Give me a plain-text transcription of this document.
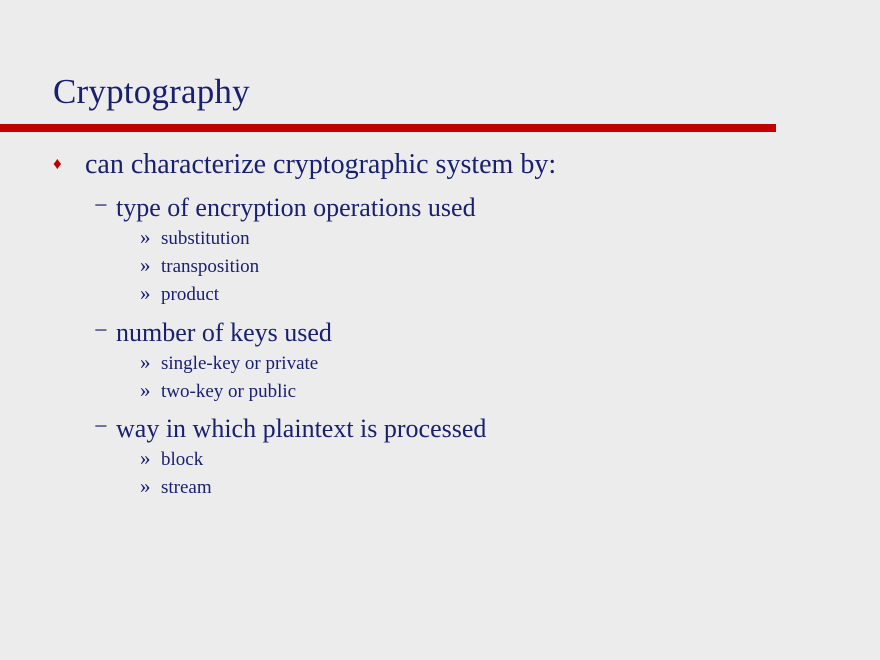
Cryptography
♦ can characterize cryptographic system by:
− type of encryption operations used
» substitution
» transposition
» product
− number of keys used
» single-key or private
» two-key or public
− way in which plaintext is processed
» block
» stream
